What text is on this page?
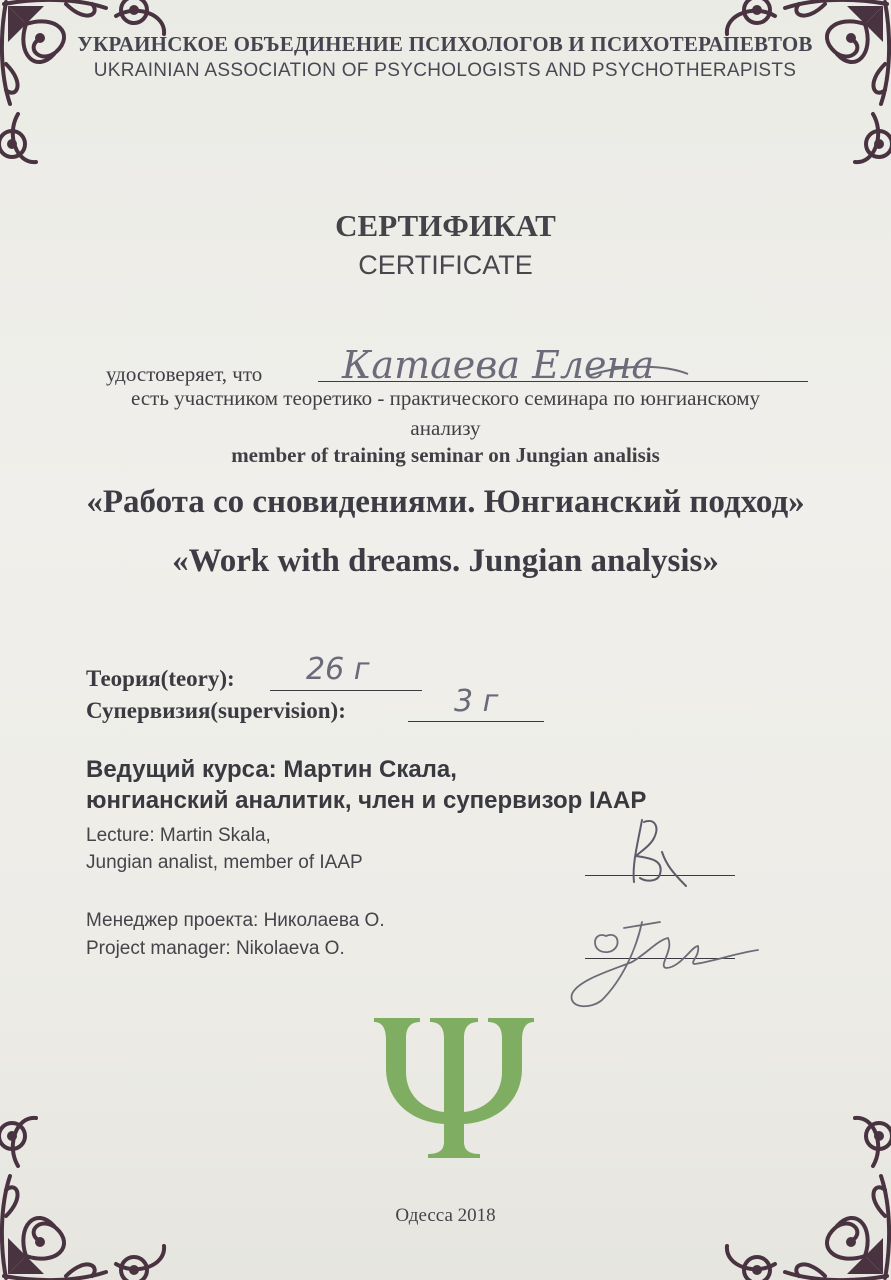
УКРАИНСКОЕ ОБЪЕДИНЕНИЕ ПСИХОЛОГОВ И ПСИХОТЕРАПЕВТОВ
UKRAINIAN ASSOCIATION OF PSYCHOLOGISTS AND PSYCHOTHERAPISTS
СЕРТИФИКАТ
CERTIFICATE
удостоверяет, что Катаева Елена
есть участником теоретико - практического семинара по юнгианскому
анализу
member of training seminar on Jungian analisis
«Работа со сновидениями. Юнгианский подход»
«Work with dreams. Jungian analysis»
Теория(teory): 26 г
Супервизия(supervision):	3 г
Ведущий курса: Мартин Скала,
юнгианский аналитик, член и супервизор IAAP
Lecture: Martin Skala,
Jungian analist, member of IAAP
Менеджер проекта: Николаева О.
Project manager: Nikolaeva O.
Одесса 2018
